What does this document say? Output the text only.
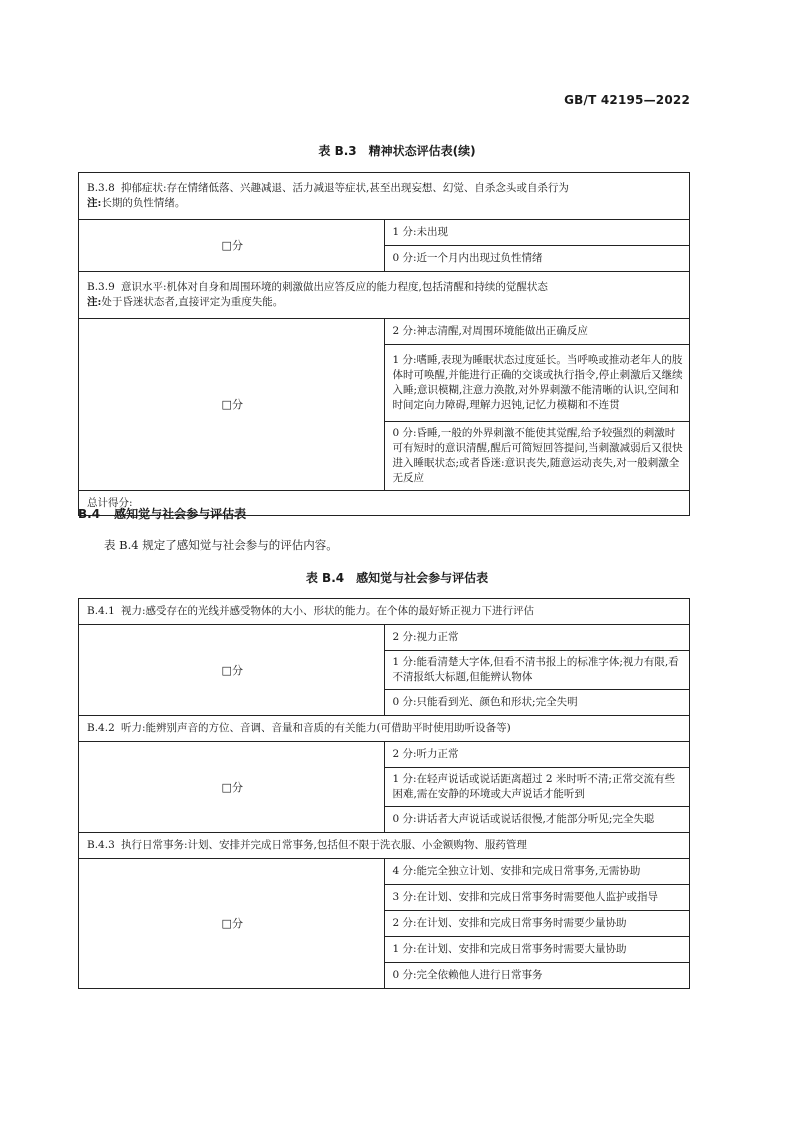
GB/T 42195—2022
表 B.3 精神状态评估表(续)
B.3.8 抑郁症状:存在情绪低落、兴趣减退、活力减退等症状,甚至出现妄想、幻觉、自杀念头或自杀行为
注:长期的负性情绪。	

□分	1 分:未出现
	0 分:近一个月内出现过负性情绪
B.3.9 意识水平:机体对自身和周围环境的刺激做出应答反应的能力程度,包括清醒和持续的觉醒状态
注:处于昏迷状态者,直接评定为重度失能。	

□分	2 分:神志清醒,对周围环境能做出正确反应
	1 分:嗜睡,表现为睡眠状态过度延长。当呼唤或推动老年人的肢体时可唤醒,并能进行正确的交谈或执行指令,停止刺激后又继续入睡;意识模糊,注意力涣散,对外界刺激不能清晰的认识,空间和时间定向力障碍,理解力迟钝,记忆力模糊和不连贯
	0 分:昏睡,一般的外界刺激不能使其觉醒,给予较强烈的刺激时可有短时的意识清醒,醒后可简短回答提问,当刺激减弱后又很快进入睡眠状态;或者昏迷:意识丧失,随意运动丧失,对一般刺激全无反应
总计得分:	
B.4 感知觉与社会参与评估表
表 B.4 规定了感知觉与社会参与的评估内容。
表 B.4 感知觉与社会参与评估表
B.4.1 视力:感受存在的光线并感受物体的大小、形状的能力。在个体的最好矫正视力下进行评估	
□分	2 分:视力正常
	1 分:能看清楚大字体,但看不清书报上的标准字体;视力有限,看不清报纸大标题,但能辨认物体
	0 分:只能看到光、颜色和形状;完全失明
B.4.2 听力:能辨别声音的方位、音调、音量和音质的有关能力(可借助平时使用助听设备等)	
□分	2 分:听力正常
	1 分:在轻声说话或说话距离超过 2 米时听不清;正常交流有些困难,需在安静的环境或大声说话才能听到
	0 分:讲话者大声说话或说话很慢,才能部分听见;完全失聪
B.4.3 执行日常事务:计划、安排并完成日常事务,包括但不限于洗衣服、小金额购物、服药管理	
□分	4 分:能完全独立计划、安排和完成日常事务,无需协助
	3 分:在计划、安排和完成日常事务时需要他人监护或指导
	2 分:在计划、安排和完成日常事务时需要少量协助
	1 分:在计划、安排和完成日常事务时需要大量协助
	0 分:完全依赖他人进行日常事务
